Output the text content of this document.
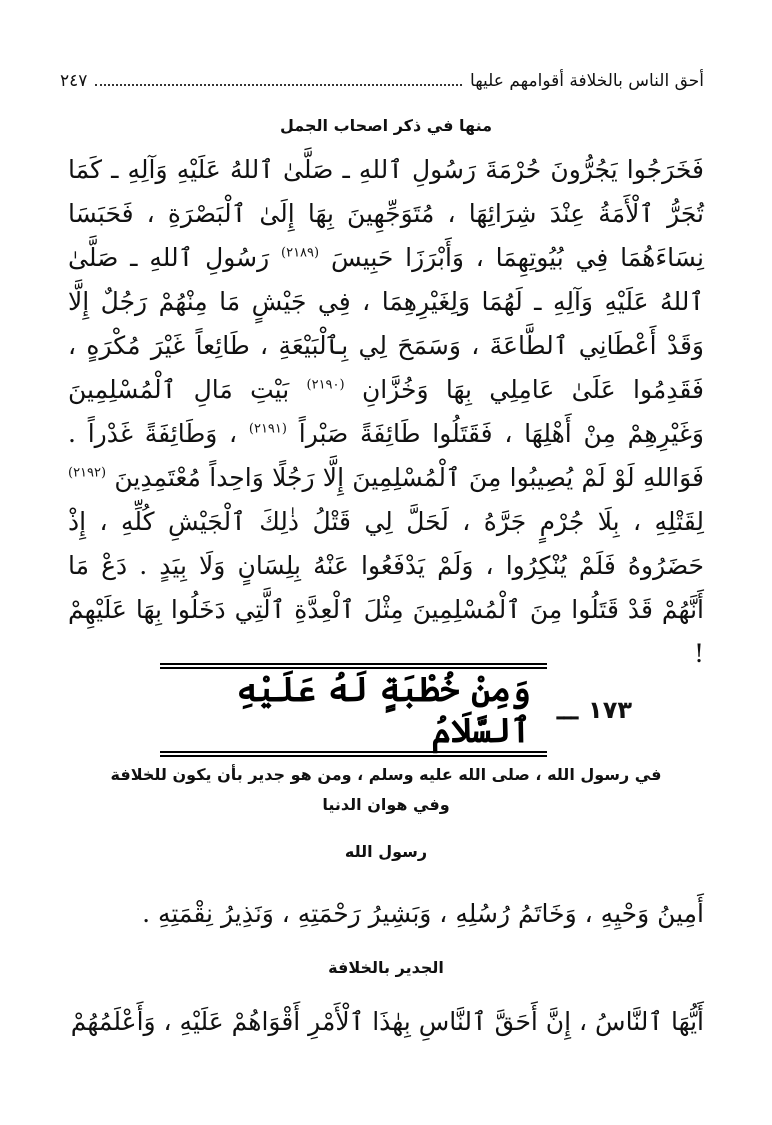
أحق الناس بالخلافة أقوامهم عليها
٢٤٧
منها في ذكر اصحاب الجمل
فَخَرَجُوا يَجُرُّونَ حُرْمَةَ رَسُولِ ٱللهِ ـ صَلَّىٰ ٱللهُ عَلَيْهِ وَآلِهِ ـ كَمَا تُجَرُّ ٱلْأَمَةُ عِنْدَ شِرَائِهَا ، مُتَوَجِّهِينَ بِهَا إِلَىٰ ٱلْبَصْرَةِ ، فَحَبَسَا نِسَاءَهُمَا فِي بُيُوتِهِمَا ، وَأَبْرَزَا حَبِيسَ $^{(٢١٨٩)}$ رَسُولِ ٱللهِ ـ صَلَّىٰ ٱللهُ عَلَيْهِ وَآلِهِ ـ لَهُمَا وَلِغَيْرِهِمَا ، فِي جَيْشٍ مَا مِنْهُمْ رَجُلٌ إِلَّا وَقَدْ أَعْطَانِي ٱلطَّاعَةَ ، وَسَمَحَ لِي بِٱلْبَيْعَةِ ، طَائِعاً غَيْرَ مُكْرَهٍ ، فَقَدِمُوا عَلَىٰ عَامِلِي بِهَا وَخُزَّانِ $^{(٢١٩٠)}$ بَيْتِ مَالِ ٱلْمُسْلِمِينَ وَغَيْرِهِمْ مِنْ أَهْلِهَا ، فَقَتَلُوا طَائِفَةً صَبْراً $^{(٢١٩١)}$ ، وَطَائِفَةً غَدْراً . فَوَاللهِ لَوْ لَمْ يُصِيبُوا مِنَ ٱلْمُسْلِمِينَ إِلَّا رَجُلًا وَاحِداً مُعْتَمِدِينَ $^{(٢١٩٢)}$ لِقَتْلِهِ ، بِلَا جُرْمٍ جَرَّهُ ، لَحَلَّ لِي قَتْلُ ذٰلِكَ ٱلْجَيْشِ كُلِّهِ ، إِذْ حَضَرُوهُ فَلَمْ يُنْكِرُوا ، وَلَمْ يَدْفَعُوا عَنْهُ بِلِسَانٍ وَلَا بِيَدٍ . دَعْ مَا أَنَّهُمْ قَدْ قَتَلُوا مِنَ ٱلْمُسْلِمِينَ مِثْلَ ٱلْعِدَّةِ ٱلَّتِي دَخَلُوا بِهَا عَلَيْهِمْ !
١٧٣
ـــ
وَمِنْ خُطْبَةٍ لَهُ عَلَيْهِ ٱلسَّلَامُ
في رسول الله ، صلى الله عليه وسلم ، ومن هو جدير بأن يكون للخلافة
وفي هوان الدنيا
رسول الله
أَمِينُ وَحْيِهِ ، وَخَاتَمُ رُسُلِهِ ، وَبَشِيرُ رَحْمَتِهِ ، وَنَذِيرُ نِقْمَتِهِ .
الجدير بالخلافة
أَيُّهَا ٱلنَّاسُ ، إِنَّ أَحَقَّ ٱلنَّاسِ بِهٰذَا ٱلْأَمْرِ أَقْوَاهُمْ عَلَيْهِ ، وَأَعْلَمُهُمْ
